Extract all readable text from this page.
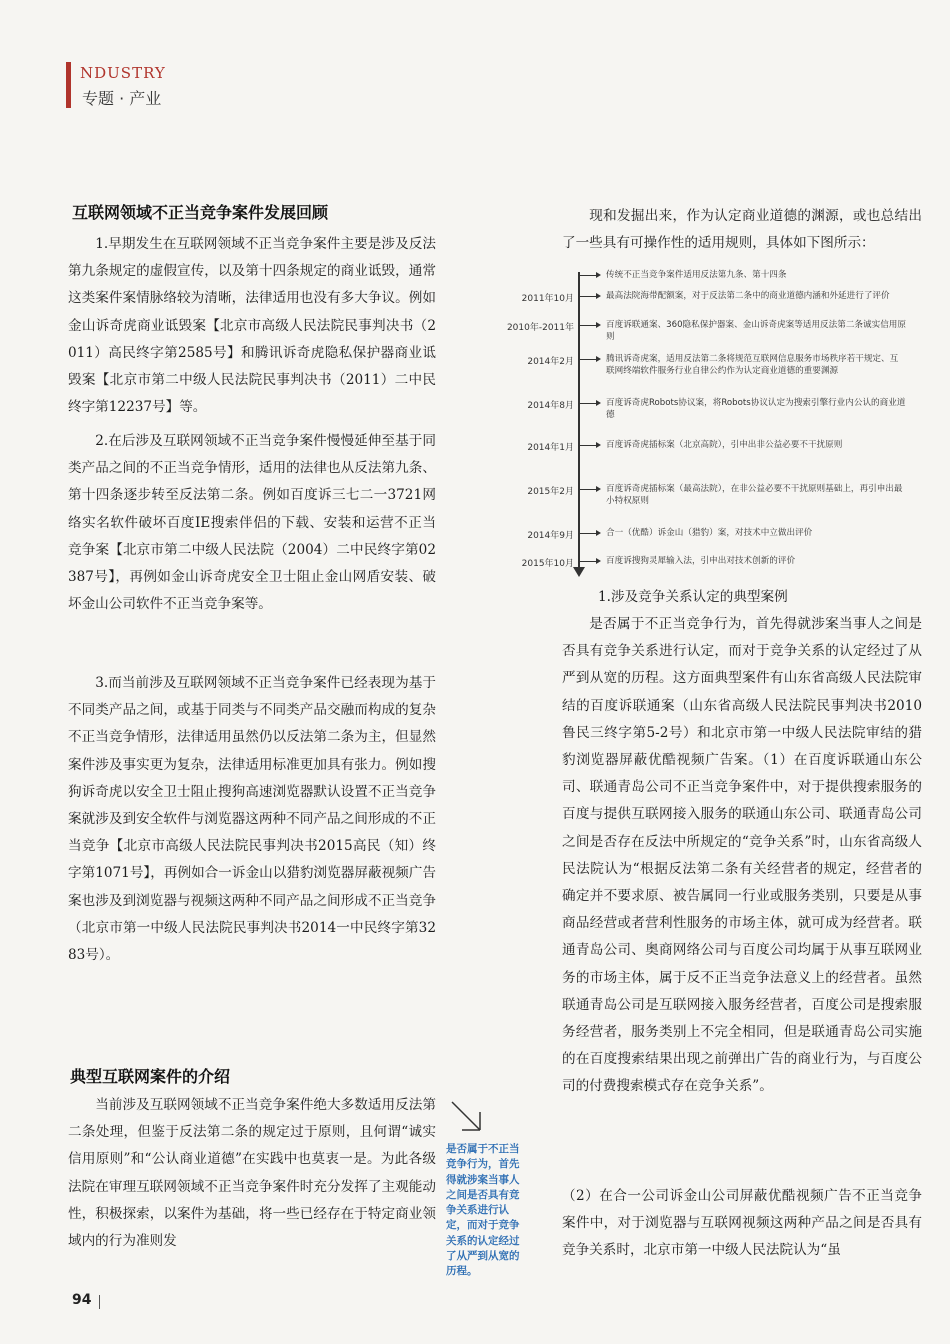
NDUSTRY
专题 · 产业
互联网领域不正当竞争案件发展回顾
1.早期发生在互联网领域不正当竞争案件主要是涉及反法第九条规定的虚假宣传，以及第十四条规定的商业诋毁，通常这类案件案情脉络较为清晰，法律适用也没有多大争议。例如金山诉奇虎商业诋毁案【北京市高级人民法院民事判决书（2011）高民终字第2585号】和腾讯诉奇虎隐私保护器商业诋毁案【北京市第二中级人民法院民事判决书（2011）二中民终字第12237号】等。
2.在后涉及互联网领域不正当竞争案件慢慢延伸至基于同类产品之间的不正当竞争情形，适用的法律也从反法第九条、第十四条逐步转至反法第二条。例如百度诉三七二一3721网络实名软件破坏百度IE搜索伴侣的下载、安装和运营不正当竞争案【北京市第二中级人民法院（2004）二中民终字第02387号】，再例如金山诉奇虎安全卫士阻止金山网盾安装、破坏金山公司软件不正当竞争案等。
3.而当前涉及互联网领域不正当竞争案件已经表现为基于不同类产品之间，或基于同类与不同类产品交融而构成的复杂不正当竞争情形，法律适用虽然仍以反法第二条为主，但显然案件涉及事实更为复杂，法律适用标准更加具有张力。例如搜狗诉奇虎以安全卫士阻止搜狗高速浏览器默认设置不正当竞争案就涉及到安全软件与浏览器这两种不同产品之间形成的不正当竞争【北京市高级人民法院民事判决书2015高民（知）终字第1071号】，再例如合一诉金山以猎豹浏览器屏蔽视频广告案也涉及到浏览器与视频这两种不同产品之间形成不正当竞争（北京市第一中级人民法院民事判决书2014一中民终字第3283号）。
典型互联网案件的介绍
当前涉及互联网领域不正当竞争案件绝大多数适用反法第二条处理，但鉴于反法第二条的规定过于原则，且何谓“诚实信用原则”和“公认商业道德”在实践中也莫衷一是。为此各级法院在审理互联网领域不正当竞争案件时充分发挥了主观能动性，积极探索，以案件为基础，将一些已经存在于特定商业领域内的行为准则发
是否属于不正当竞争行为，首先得就涉案当事人之间是否具有竞争关系进行认定，而对于竞争关系的认定经过了从严到从宽的历程。
现和发掘出来，作为认定商业道德的渊源，或也总结出了一些具有可操作性的适用规则，具体如下图所示：
传统不正当竞争案件适用反法第九条、第十四条
2011年10月	最高法院海带配额案，对于反法第二条中的商业道德内涵和外延进行了评价
2010年-2011年	百度诉联通案、360隐私保护器案、金山诉奇虎案等适用反法第二条诚实信用原则
2014年2月	腾讯诉奇虎案，适用反法第二条将规范互联网信息服务市场秩序若干规定、互联网终端软件服务行业自律公约作为认定商业道德的重要渊源
2014年8月	百度诉奇虎Robots协议案，将Robots协议认定为搜索引擎行业内公认的商业道德
2014年1月	百度诉奇虎插标案（北京高院），引申出非公益必要不干扰原则
2015年2月	百度诉奇虎插标案（最高法院），在非公益必要不干扰原则基础上，再引申出最小特权原则
2014年9月	合一（优酷）诉金山（猎豹）案，对技术中立做出评价
2015年10月	百度诉搜狗灵犀输入法，引申出对技术创新的评价
1.涉及竞争关系认定的典型案例
是否属于不正当竞争行为，首先得就涉案当事人之间是否具有竞争关系进行认定，而对于竞争关系的认定经过了从严到从宽的历程。这方面典型案件有山东省高级人民法院审结的百度诉联通案（山东省高级人民法院民事判决书2010鲁民三终字第5-2号）和北京市第一中级人民法院审结的猎豹浏览器屏蔽优酷视频广告案。（1）在百度诉联通山东公司、联通青岛公司不正当竞争案件中，对于提供搜索服务的百度与提供互联网接入服务的联通山东公司、联通青岛公司之间是否存在反法中所规定的“竞争关系”时，山东省高级人民法院认为“根据反法第二条有关经营者的规定，经营者的确定并不要求原、被告属同一行业或服务类别，只要是从事商品经营或者营利性服务的市场主体，就可成为经营者。联通青岛公司、奥商网络公司与百度公司均属于从事互联网业务的市场主体，属于反不正当竞争法意义上的经营者。虽然联通青岛公司是互联网接入服务经营者，百度公司是搜索服务经营者，服务类别上不完全相同，但是联通青岛公司实施的在百度搜索结果出现之前弹出广告的商业行为，与百度公司的付费搜索模式存在竞争关系”。
（2）在合一公司诉金山公司屏蔽优酷视频广告不正当竞争案件中，对于浏览器与互联网视频这两种产品之间是否具有竞争关系时，北京市第一中级人民法院认为“虽
94
